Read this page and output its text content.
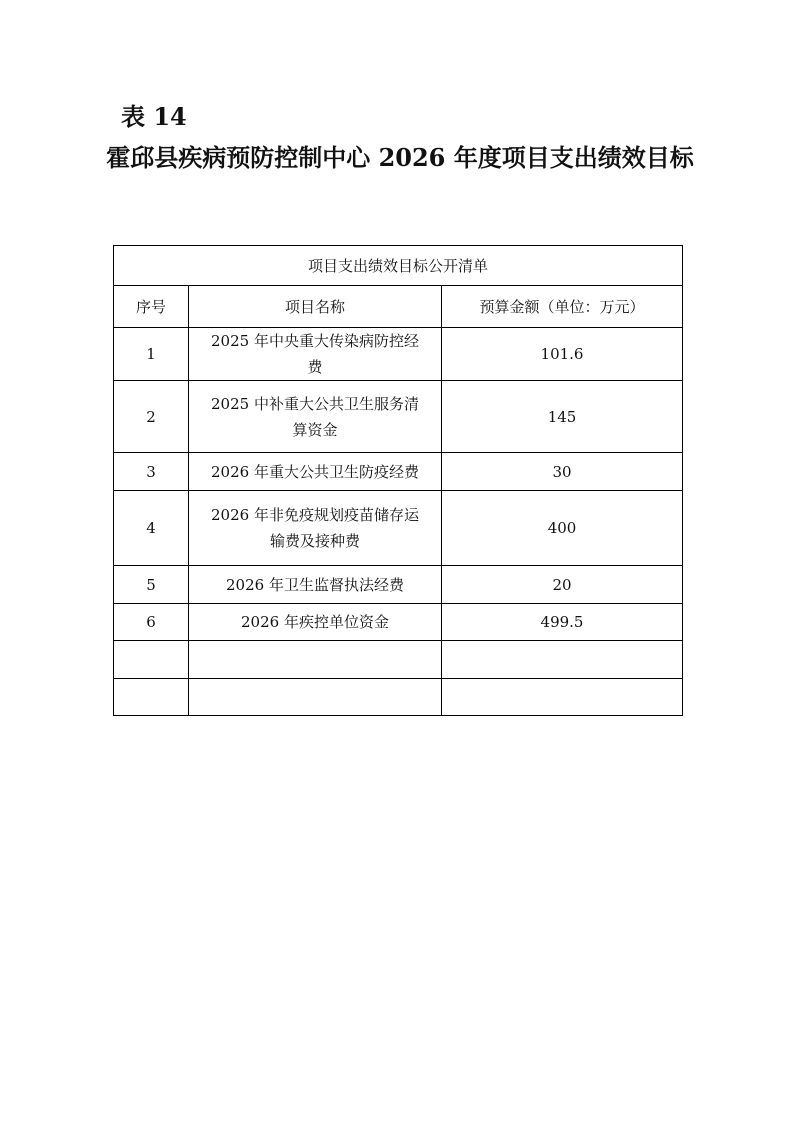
表 14
霍邱县疾病预防控制中心 2026 年度项目支出绩效目标
项目支出绩效目标公开清单		
序号	项目名称	预算金额（单位：万元）
1	2025 年中央重大传染病防控经费	101.6
2	2025 中补重大公共卫生服务清算资金	145
3	2026 年重大公共卫生防疫经费	30
4	2026 年非免疫规划疫苗储存运输费及接种费	400
5	2026 年卫生监督执法经费	20
6	2026 年疾控单位资金	499.5
